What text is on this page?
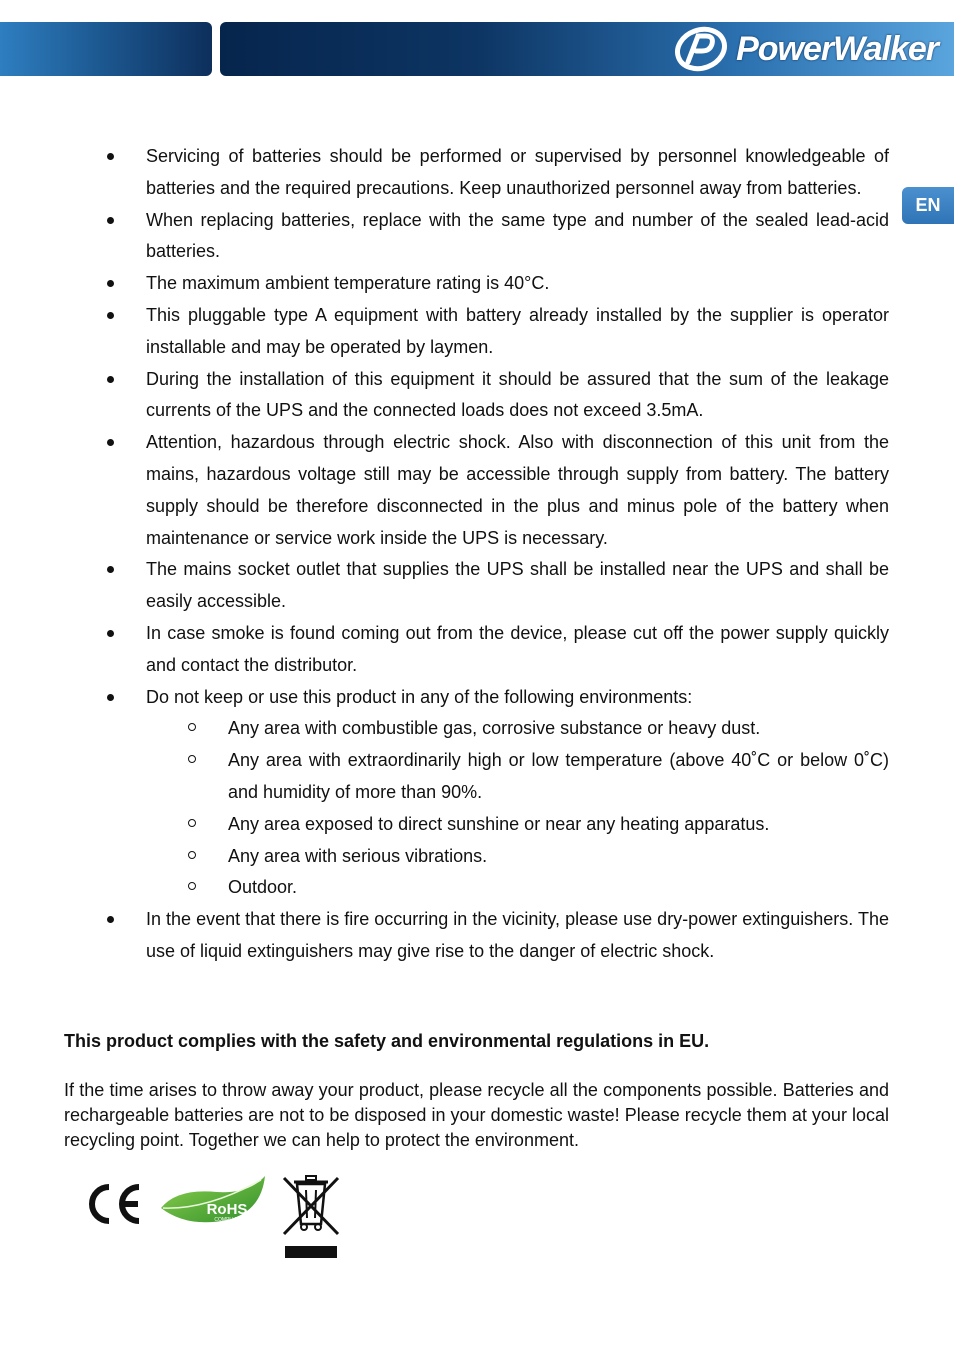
PowerWalker
EN
Servicing of batteries should be performed or supervised by personnel knowledgeable of batteries and the required precautions. Keep unauthorized personnel away from batteries.
When replacing batteries, replace with the same type and number of the sealed lead-acid batteries.
The maximum ambient temperature rating is 40°C.
This pluggable type A equipment with battery already installed by the supplier is operator installable and may be operated by laymen.
During the installation of this equipment it should be assured that the sum of the leakage currents of the UPS and the connected loads does not exceed 3.5mA.
Attention, hazardous through electric shock. Also with disconnection of this unit from the mains, hazardous voltage still may be accessible through supply from battery. The battery supply should be therefore disconnected in the plus and minus pole of the battery when maintenance or service work inside the UPS is necessary.
The mains socket outlet that supplies the UPS shall be installed near the UPS and shall be easily accessible.
In case smoke is found coming out from the device, please cut off the power supply quickly and contact the distributor.
Do not keep or use this product in any of the following environments:
Any area with combustible gas, corrosive substance or heavy dust.
Any area with extraordinarily high or low temperature (above 40˚C or below 0˚C) and humidity of more than 90%.
Any area exposed to direct sunshine or near any heating apparatus.
Any area with serious vibrations.
Outdoor.
In the event that there is fire occurring in the vicinity, please use dry-power extinguishers. The use of liquid extinguishers may give rise to the danger of electric shock.
This product complies with the safety and environmental regulations in EU.
If the time arises to throw away your product, please recycle all the components possible. Batteries and rechargeable batteries are not to be disposed in your domestic waste! Please recycle them at your local recycling point. Together we can help to protect the environment.
RoHS
COMPLIANT
